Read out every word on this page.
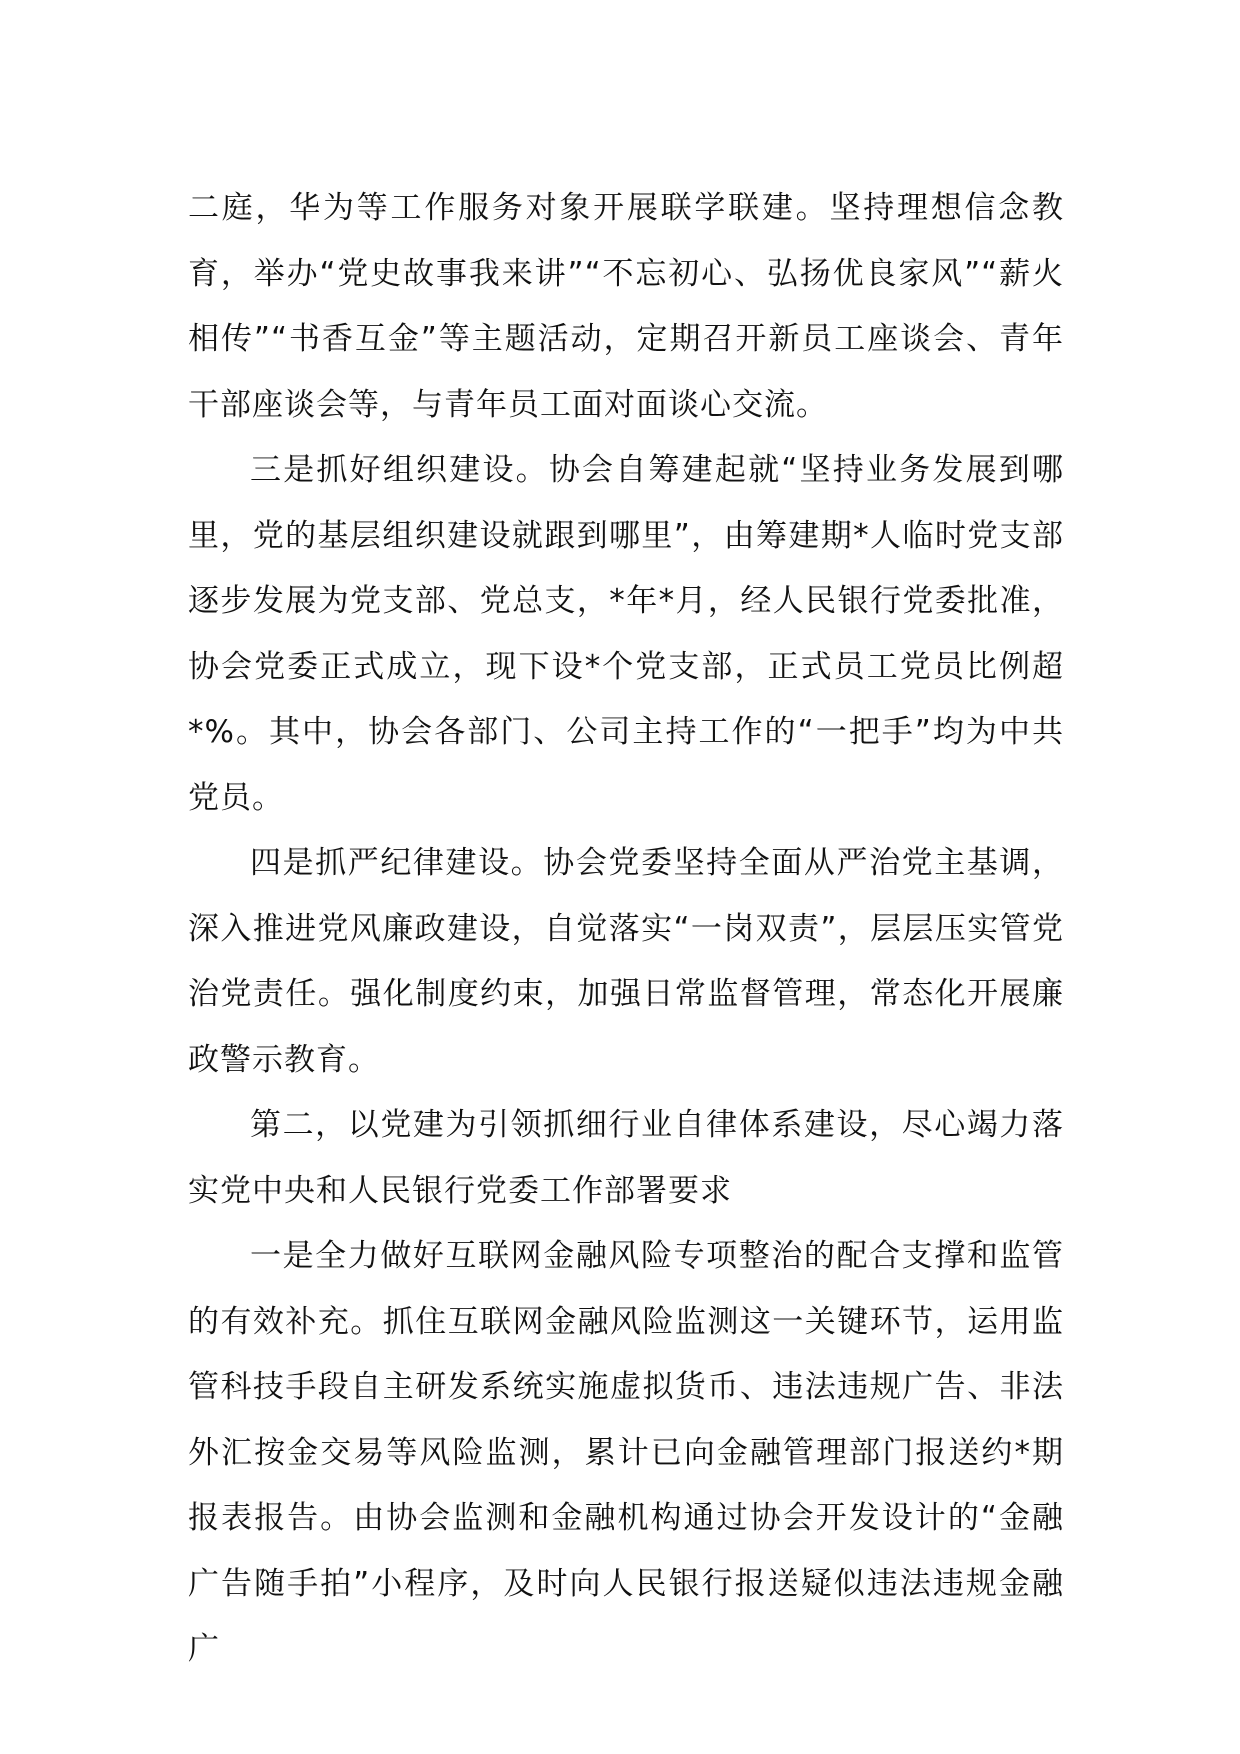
二庭，华为等工作服务对象开展联学联建。坚持理想信念教育，举办“党史故事我来讲”“不忘初心、弘扬优良家风”“薪火相传”“书香互金”等主题活动，定期召开新员工座谈会、青年干部座谈会等，与青年员工面对面谈心交流。

三是抓好组织建设。协会自筹建起就“坚持业务发展到哪里，党的基层组织建设就跟到哪里”，由筹建期*人临时党支部逐步发展为党支部、党总支，*年*月，经人民银行党委批准，协会党委正式成立，现下设*个党支部，正式员工党员比例超*%。其中，协会各部门、公司主持工作的“一把手”均为中共党员。

四是抓严纪律建设。协会党委坚持全面从严治党主基调，深入推进党风廉政建设，自觉落实“一岗双责”，层层压实管党治党责任。强化制度约束，加强日常监督管理，常态化开展廉政警示教育。

第二，以党建为引领抓细行业自律体系建设，尽心竭力落实党中央和人民银行党委工作部署要求

一是全力做好互联网金融风险专项整治的配合支撑和监管的有效补充。抓住互联网金融风险监测这一关键环节，运用监管科技手段自主研发系统实施虚拟货币、违法违规广告、非法外汇按金交易等风险监测，累计已向金融管理部门报送约*期报表报告。由协会监测和金融机构通过协会开发设计的“金融广告随手拍”小程序，及时向人民银行报送疑似违法违规金融广
